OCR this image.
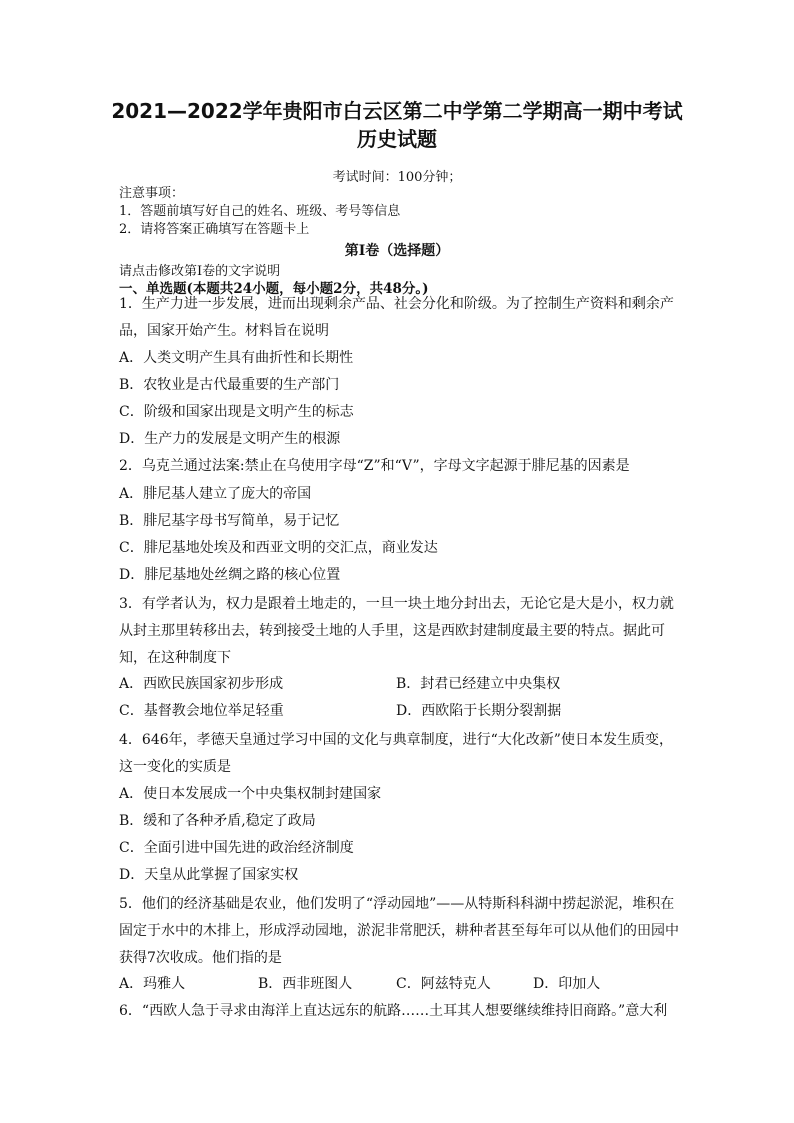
2021—2022学年贵阳市白云区第二中学第二学期高一期中考试
历史试题
考试时间：100分钟；
注意事项：
1．答题前填写好自己的姓名、班级、考号等信息
2．请将答案正确填写在答题卡上
第Ⅰ卷（选择题）
请点击修改第I卷的文字说明
一、单选题(本题共24小题，每小题2分，共48分。)
1．生产力进一步发展，进而出现剩余产品、社会分化和阶级。为了控制生产资料和剩余产品，国家开始产生。材料旨在说明
A．人类文明产生具有曲折性和长期性
B．农牧业是古代最重要的生产部门
C．阶级和国家出现是文明产生的标志
D．生产力的发展是文明产生的根源
2．乌克兰通过法案:禁止在乌使用字母“Z”和“V”，字母文字起源于腓尼基的因素是
A．腓尼基人建立了庞大的帝国
B．腓尼基字母书写简单，易于记忆
C．腓尼基地处埃及和西亚文明的交汇点，商业发达
D．腓尼基地处丝绸之路的核心位置
3．有学者认为，权力是跟着土地走的，一旦一块土地分封出去，无论它是大是小，权力就从封主那里转移出去，转到接受土地的人手里，这是西欧封建制度最主要的特点。据此可知，在这种制度下
A．西欧民族国家初步形成	B．封君已经建立中央集权
C．基督教会地位举足轻重	D．西欧陷于长期分裂割据
4．646年，孝德天皇通过学习中国的文化与典章制度，进行“大化改新”使日本发生质变，这一变化的实质是
A．使日本发展成一个中央集权制封建国家
B．缓和了各种矛盾,稳定了政局
C．全面引进中国先进的政治经济制度
D．天皇从此掌握了国家实权
5．他们的经济基础是农业，他们发明了“浮动园地”——从特斯科科湖中捞起淤泥，堆积在固定于水中的木排上，形成浮动园地，淤泥非常肥沃，耕种者甚至每年可以从他们的田园中获得7次收成。他们指的是
A．玛雅人	B．西非班图人	C．阿兹特克人	D．印加人
6．“西欧人急于寻求由海洋上直达远东的航路……土耳其人想要继续维持旧商路。”意大利
